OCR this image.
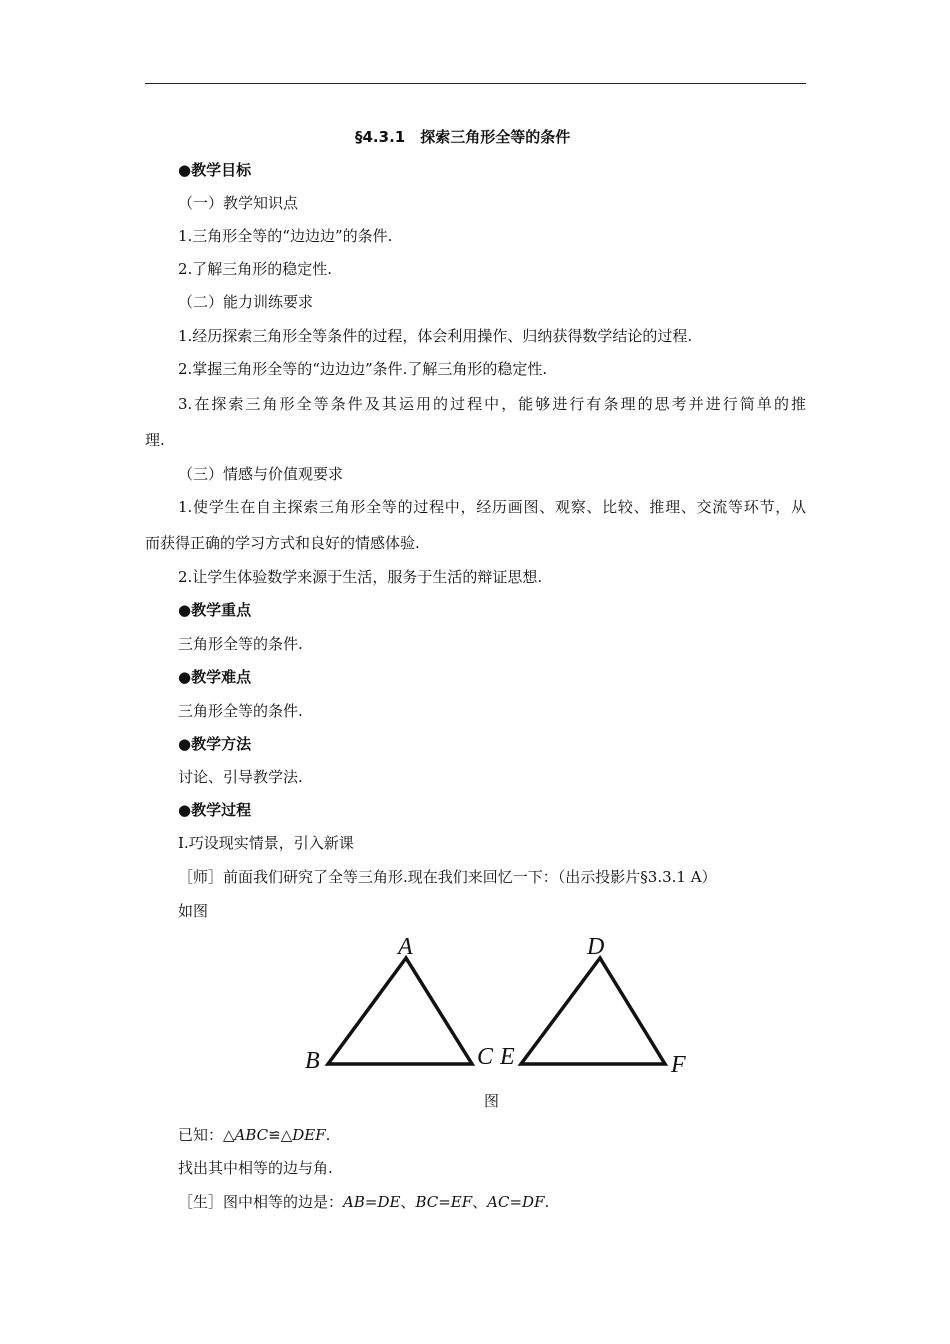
§4.3.1　探索三角形全等的条件
●教学目标
（一）教学知识点
1.三角形全等的“边边边”的条件.
2.了解三角形的稳定性.
（二）能力训练要求
1.经历探索三角形全等条件的过程，体会利用操作、归纳获得数学结论的过程.
2.掌握三角形全等的“边边边”条件.了解三角形的稳定性.
3.在探索三角形全等条件及其运用的过程中，能够进行有条理的思考并进行简单的推
理.
（三）情感与价值观要求
1.使学生在自主探索三角形全等的过程中，经历画图、观察、比较、推理、交流等环节，从
而获得正确的学习方式和良好的情感体验.
2.让学生体验数学来源于生活，服务于生活的辩证思想.
●教学重点
三角形全等的条件.
●教学难点
三角形全等的条件.
●教学方法
讨论、引导教学法.
●教学过程
Ⅰ.巧设现实情景，引入新课
［师］前面我们研究了全等三角形.现在我们来回忆一下：（出示投影片§3.3.1 A）
如图
A
B	C
D
E	F
图
已知：△ABC≌△DEF.
找出其中相等的边与角.
［生］图中相等的边是：AB=DE、BC=EF、AC=DF.
